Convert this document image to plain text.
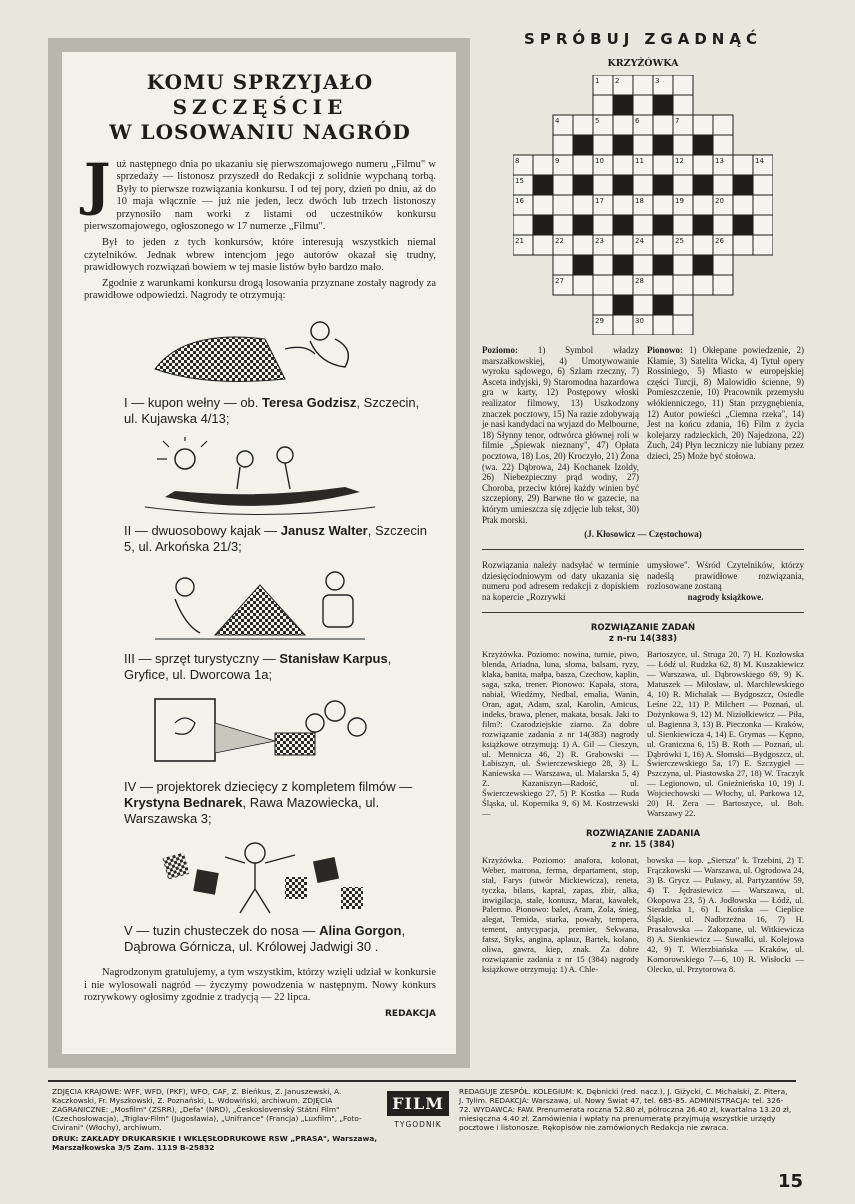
KOMU SPRZYJAŁO
SZCZĘŚCIE
W LOSOWANIU NAGRÓD

J uż następnego dnia po ukazaniu się pierwszomajowego numeru „Filmu" w sprzedaży — listonosz przyszedł do Redakcji z solidnie wypchaną torbą. Były to pierwsze rozwiązania konkursu. I od tej pory, dzień po dniu, aż do 10 maja włącznie — już nie jeden, lecz dwóch lub trzech listonoszy przynosiło nam worki z listami od uczestników konkursu pierwszomajowego, ogłoszonego w 17 numerze „Filmu".

Był to jeden z tych konkursów, które interesują wszystkich niemal czytelników. Jednak wbrew intencjom jego autorów okazał się trudny, prawidłowych rozwiązań bowiem w tej masie listów było bardzo mało.

Zgodnie z warunkami konkursu drogą losowania przyznane zostały nagrody za prawidłowe odpowiedzi. Nagrody te otrzymują:

I — kupon wełny — ob. Teresa Godzisz, Szczecin, ul. Kujawska 4/13;
II — dwuosobowy kajak — Janusz Walter, Szczecin 5, ul. Arkońska 21/3;
III — sprzęt turystyczny — Stanisław Karpus, Gryfice, ul. Dworcowa 1a;
IV — projektorek dziecięcy z kompletem filmów — Krystyna Bednarek, Rawa Mazowiecka, ul. Warszawska 3;
V — tuzin chusteczek do nosa — Alina Gorgon, Dąbrowa Górnicza, ul. Królowej Jadwigi 30 .

Nagrodzonym gratulujemy, a tym wszystkim, którzy wzięli udział w konkursie i nie wylosowali nagród — życzymy powodzenia w następnym. Nowy konkurs rozrywkowy ogłosimy zgodnie z tradycją — 22 lipca.

REDAKCJA
SPRÓBUJ ZGADNĄĆ
KRZYŻÓWKA
1 2	3
4	5	6	7
8	9	10	11	12	13	14
15
16	17	18	19	20
21	22	23	24	25	26
27	28
29	30
Poziomo: 1) Symbol władzy marszałkowskiej, 4) Umotywowanie wyroku sądowego, 6) Szlam rzeczny, 7) Asceta indyjski, 9) Staromodna hazardowa gra w karty, 12) Postępowy włoski realizator filmowy, 13) Uszkodzony znaczek pocztowy, 15) Na razie zdobywają je nasi kandydaci na wyjazd do Melbourne, 18) Słynny tenor, odtwórca głównej roli w filmie „Śpiewak nieznany", 47) Opłata pocztowa, 18) Los, 20) Kroczyło, 21) Żona (wa. 22) Dąbrowa, 24) Kochanek Izoldy, 26) Niebezpieczny prąd wodny, 27) Choroba, przeciw której każdy winien być szczepiony, 29) Barwne tło w gazecie, na którym umieszcza się zdjęcie lub tekst, 30) Ptak morski.
Pionowo: 1) Okłepane powiedzenie, 2) Kłamie, 3) Satelita Wicka, 4) Tytuł opery Rossiniego, 5) Miasto w europejskiej części Turcji, 8) Malowidło ścienne, 9) Pomieszczenie, 10) Pracownik przemysłu włókienniczego, 11) Stan przygnębienia, 12) Autor powieści „Ciemna rzeka", 14) Jest na końcu zdania, 16) Film z życia kolejarzy radzieckich, 20) Najedzona, 22) Zuch, 24) Płyn leczniczy nie lubiany przez dzieci, 25) Może być stołowa.
(J. Kłosowicz — Częstochowa)
Rozwiązania należy nadsyłać w terminie dziesięciodniowym od daty ukazania się numeru pod adresem redakcji z dopiskiem na kopercie „Rozrywki
umysłowe". Wśród Czytelników, którzy nadeślą prawidłowe rozwiązania, rozlosowane zostaną
nagrody książkowe.
ROZWIĄZANIE ZADAŃ
z n-ru 14(383)
Krzyżówka. Poziomo: nowina, turnie, piwo, blenda, Ariadna, luna, słoma, balsam, ryzy, klaka, banita, małpa, basza, Czechow, kaplin, saga, szka, trener. Pionowo: Kapała, stora, nabiał, Wiedźmy, Nedbal, emalia, Wanin, Oran, agat, Adam, szal, Karolin, Amicus, indeks, brawa, plener, makata, bosak. Jaki to film?: Czarodziejskie ziarno. Za dobre rozwiązanie zadania z nr 14(383) nagrody książkowe otrzymują: 1) A. Gil — Cieszyn, ul. Mennicza 46, 2) R. Grabowski — Łabiszyn, ul. Świerczewskiego 28, 3) L. Kaniewska — Warszawa, ul. Malarska 5, 4) Z. Kazaniszyn—Radość, ul. Świerczewskiego 27, 5) P. Kostka — Ruda Śląska, ul. Kopernika 9, 6) M. Kostrzewski —
Bartoszyce, ul. Struga 20, 7) H. Kozłowska — Łódź ul. Rudzka 62, 8) M. Kuszakiewicz — Warszawa, ul. Dąbrowskiego 69, 9) K. Matuszek — Miłosław, ul. Marchlewskiego 4, 10) R. Michalak — Bydgoszcz, Osiedle Leśne 22, 11) P. Milchert — Poznań, ul. Dożynkowa 9, 12) M. Niziołkiewicz — Piła, ul. Bagienna 3, 13) B. Pieczonka — Kraków, ul. Sienkiewicza 4, 14) E. Grymas — Kępno, ul. Graniczna 6, 15) B. Roth — Poznań, ul. Dąbrówki 1, 16) A. Słomski—Bydgoszcz, ul. Świerczewskiego 5a, 17) E. Szczygieł — Pszczyna, ul. Piastowska 27, 18) W. Traczyk — Legionowo, ul. Gnieźnieńska 10, 19) J. Wojciechowski — Włochy, ul. Parkowa 12, 20) H. Zera — Bartoszyce, ul. Boh. Warszawy 22.
ROZWIĄZANIE ZADANIA
z nr. 15 (384)
Krzyżówka. Poziomo: anafora, kolonat, Weber, matrona, ferma, departament, stop, stał, Farys (utwór Mickiewicza), reneta, tyczka, bilans, kapral, zapas, żbir, alka, inwigilacja, stale, kontusz, Marat, kawałek, Palermo. Pionowo: balet, Aram, Zola, śnieg, alegat, Temida, starka, powały, tempera, tement, antycypacja, premier, Sekwana, fatsz, Styks, angina, aplauz, Bartek, kolano, oliwa, gawra, kiep, znak. Za dobre rozwiązanie zadania z nr 15 (384) nagrody książkowe otrzymują: 1) A. Chle-
bowska — kop. „Siersza" k. Trzebini, 2) T. Frączkowski — Warszawa, ul. Ogrodowa 24, 3) B. Grycz — Puławy, al. Partyzantów 59, 4) T. Jędrasiewicz — Warszawa, ul. Okopowa 23, 5) A. Jodłowska — Łódź, ul. Sieradzka 1, 6) I. Końska — Cieplice Śląskie, ul. Nadbrzeżna 16, 7) H. Prasałowska — Zakopane, ul. Witkiewicza 8) A. Sienkiewicz — Suwałki, ul. Kolejowa 42, 9) T. Wierzbiańska — Kraków, ul. Komorowskiego 7—6, 10) R. Wisłocki — Olecko, ul. Przytorowa 8.
ZDJĘCIA KRAJOWE: WFF, WFD, (PKF), WFO, CAF, Z. Bieńkus, Z. Januszewski, A. Kaczkowski, Fr. Myszkowski, Z. Poznański, L. Wdowiński, archiwum. ZDJĘCIA ZAGRANICZNE: „Mosfilm" (ZSRR), „Defa" (NRD), „Československý Státní Film" (Czechosłowacja), „Triglav-Film" (Jugosławia), „Unifrance" (Francja) „Luxfilm", „Foto-Civirani" (Włochy), archiwum.
DRUK: ZAKŁADY DRUKARSKIE I WKLĘSŁODRUKOWE RSW „PRASA", Warszawa, Marszałkowska 3/5 Zam. 1119 B-25832
FILM
TYGODNIK
REDAGUJE ZESPÓŁ. KOLEGIUM: K. Dębnicki (red. nacz.), J. Giżycki, C. Michalski, Z. Pitera, J. Tylim. REDAKCJA: Warszawa, ul. Nowy Świat 47, tel. 685-85. ADMINISTRACJA: tel. 326-72. WYDAWCA: FAW. Prenumerata roczna 52.80 zł, półroczna 26.40 zł, kwartalna 13.20 zł, miesięczna 4.40 zł. Zamówienia i wpłaty na prenumeratę przyjmują wszystkie urzędy pocztowe i listonosze. Rękopisów nie zamówionych Redakcja nie zwraca.
15
